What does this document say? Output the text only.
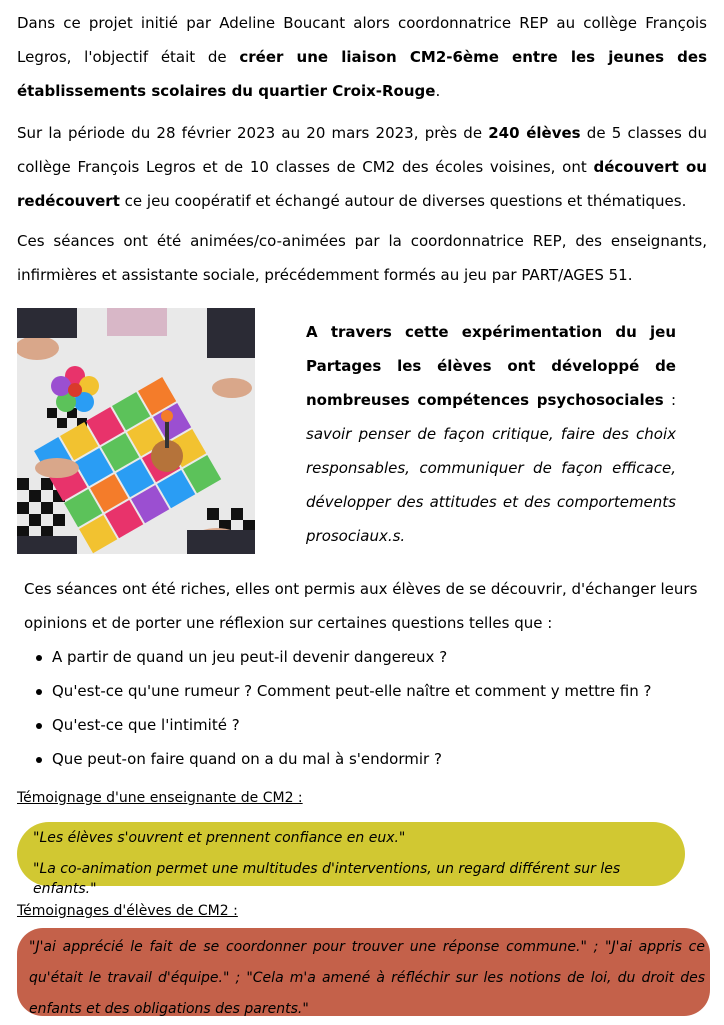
Dans ce projet initié par Adeline Boucant alors coordonnatrice REP au collège François Legros, l'objectif était de créer une liaison CM2-6ème entre les jeunes des établissements scolaires du quartier Croix-Rouge.

Sur la période du 28 février 2023 au 20 mars 2023, près de 240 élèves de 5 classes du collège François Legros et de 10 classes de CM2 des écoles voisines, ont découvert ou redécouvert ce jeu coopératif et échangé autour de diverses questions et thématiques.

Ces séances ont été animées/co-animées par la coordonnatrice REP, des enseignants, infirmières et assistante sociale, précédemment formés au jeu par PART/AGES 51.

A travers cette expérimentation du jeu Partages les élèves ont développé de nombreuses compétences psychosociales : savoir penser de façon critique, faire des choix responsables, communiquer de façon efficace, développer des attitudes et des comportements prosociaux.s.

Ces séances ont été riches, elles ont permis aux élèves de se découvrir, d'échanger leurs opinions et de porter une réflexion sur certaines questions telles que :

A partir de quand un jeu peut-il devenir dangereux ?
Qu'est-ce qu'une rumeur ? Comment peut-elle naître et comment y mettre fin ?
Qu'est-ce que l'intimité ?
Que peut-on faire quand on a du mal à s'endormir ?

Témoignage d'une enseignante de CM2 :

"Les élèves s'ouvrent et prennent confiance en eux."

"La co-animation permet une multitudes d'interventions, un regard différent sur les enfants."

Témoignages d'élèves de CM2 :

"J'ai apprécié le fait de se coordonner pour trouver une réponse commune." ; "J'ai appris ce qu'était le travail d'équipe." ; "Cela m'a amené à réfléchir sur les notions de loi, du droit des enfants et des obligations des parents."
